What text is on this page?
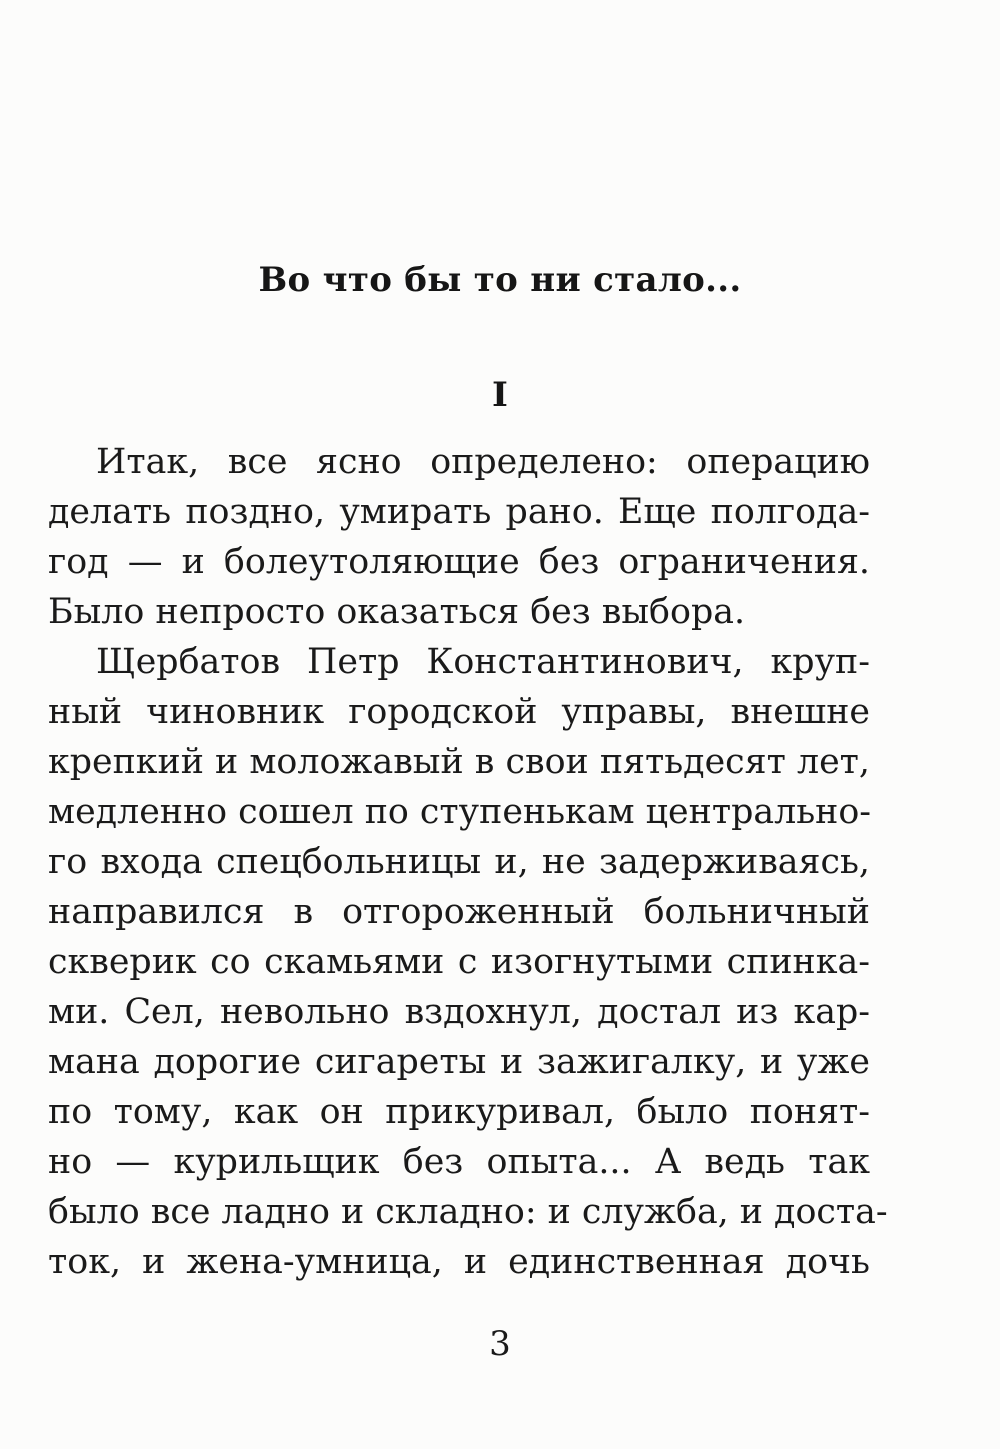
Во что бы то ни стало...
I
Итак, все ясно определено: операцию
делать поздно, умирать рано. Еще полгода-
год — и болеутоляющие без ограничения.
Было непросто оказаться без выбора.
Щербатов Петр Константинович, круп-
ный чиновник городской управы, внешне
крепкий и моложавый в свои пятьдесят лет,
медленно сошел по ступенькам центрально-
го входа спецбольницы и, не задерживаясь,
направился в отгороженный больничный
скверик со скамьями с изогнутыми спинка-
ми. Сел, невольно вздохнул, достал из кар-
мана дорогие сигареты и зажигалку, и уже
по тому, как он прикуривал, было понят-
но — курильщик без опыта... А ведь так
было все ладно и складно: и служба, и доста-
ток, и жена-умница, и единственная дочь
3
